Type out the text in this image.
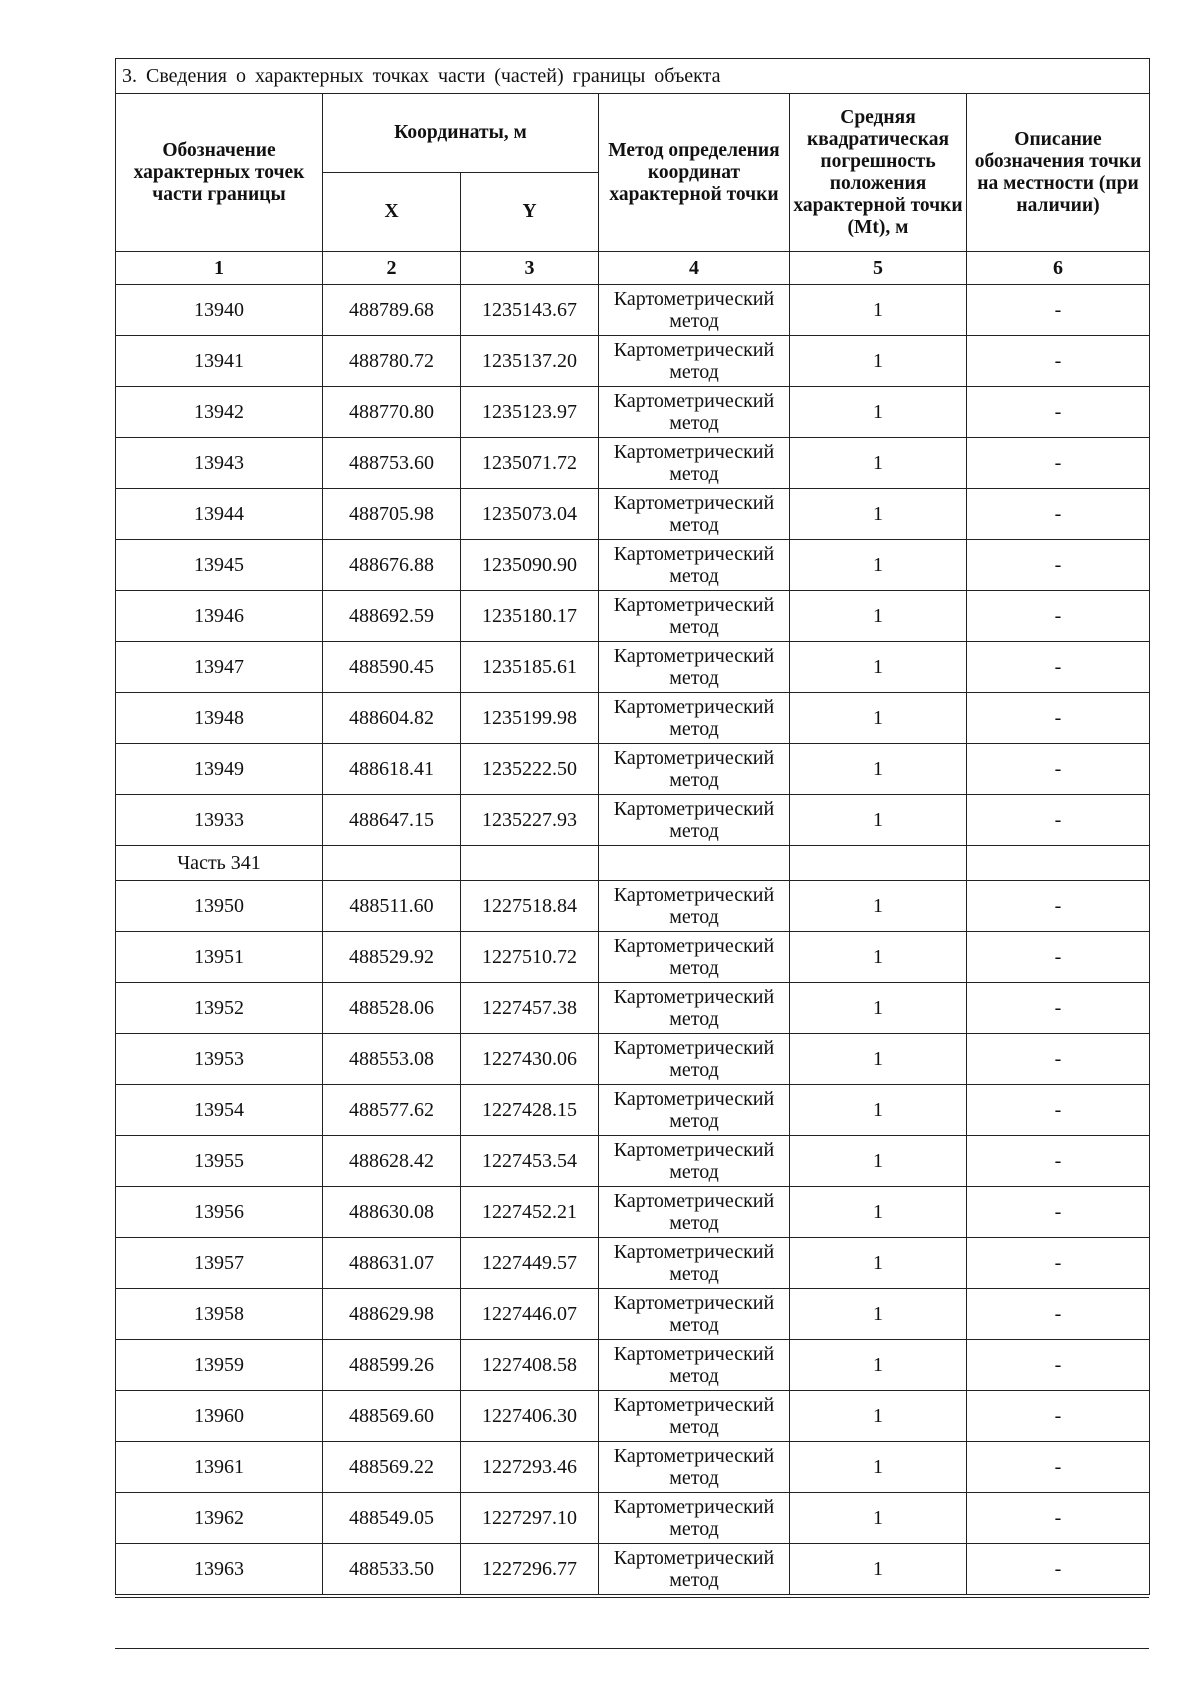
3. Сведения о характерных точках части (частей) границы объекта					
Обозначение характерных точек части границы	Координаты, м		Метод определения координат характерной точки	Средняя квадратическая погрешность положения характерной точки (Mt), м	Описание обозначения точки на местности (при наличии)
	X	Y			
1	2	3	4	5	6
13940	488789.68	1235143.67	Картометрический метод	1	-
13941	488780.72	1235137.20	Картометрический метод	1	-
13942	488770.80	1235123.97	Картометрический метод	1	-
13943	488753.60	1235071.72	Картометрический метод	1	-
13944	488705.98	1235073.04	Картометрический метод	1	-
13945	488676.88	1235090.90	Картометрический метод	1	-
13946	488692.59	1235180.17	Картометрический метод	1	-
13947	488590.45	1235185.61	Картометрический метод	1	-
13948	488604.82	1235199.98	Картометрический метод	1	-
13949	488618.41	1235222.50	Картометрический метод	1	-
13933	488647.15	1235227.93	Картометрический метод	1	-
Часть 341					
13950	488511.60	1227518.84	Картометрический метод	1	-
13951	488529.92	1227510.72	Картометрический метод	1	-
13952	488528.06	1227457.38	Картометрический метод	1	-
13953	488553.08	1227430.06	Картометрический метод	1	-
13954	488577.62	1227428.15	Картометрический метод	1	-
13955	488628.42	1227453.54	Картометрический метод	1	-
13956	488630.08	1227452.21	Картометрический метод	1	-
13957	488631.07	1227449.57	Картометрический метод	1	-
13958	488629.98	1227446.07	Картометрический метод	1	-
13959	488599.26	1227408.58	Картометрический метод	1	-
13960	488569.60	1227406.30	Картометрический метод	1	-
13961	488569.22	1227293.46	Картометрический метод	1	-
13962	488549.05	1227297.10	Картометрический метод	1	-
13963	488533.50	1227296.77	Картометрический метод	1	-
